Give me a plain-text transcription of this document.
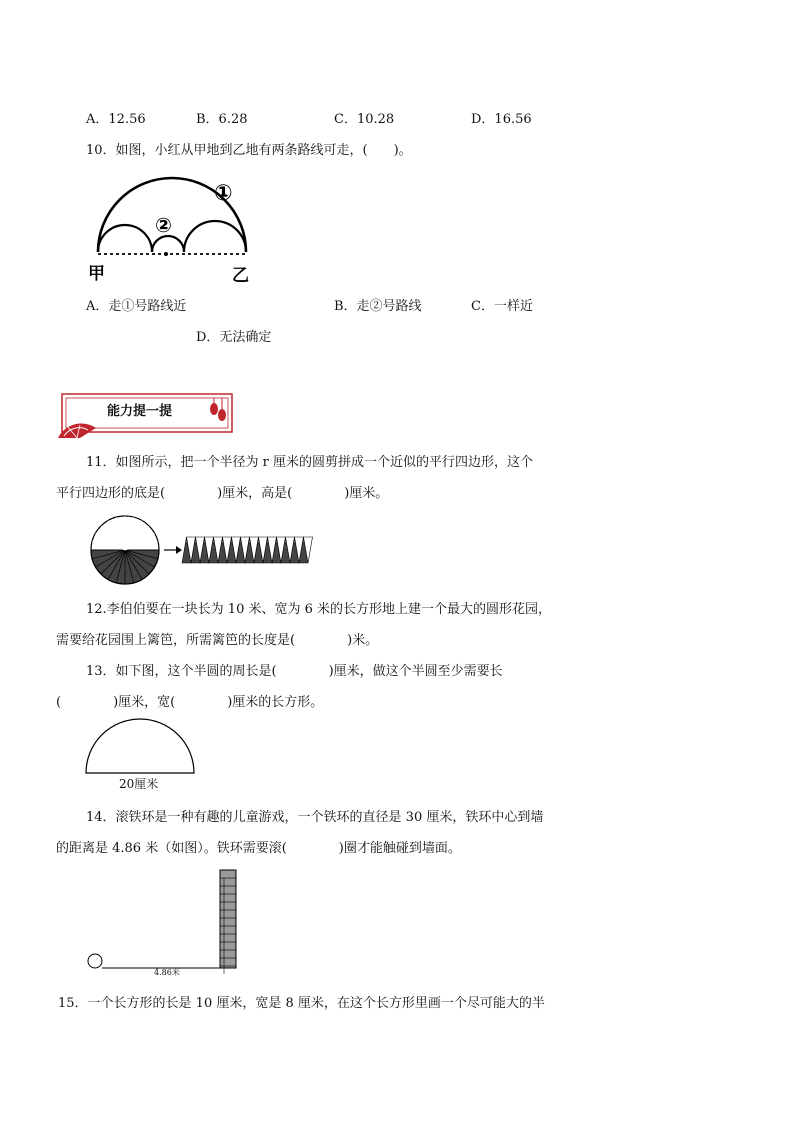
A．12.56	B．6.28	C．10.28	D．16.56
10．如图，小红从甲地到乙地有两条路线可走，(　　)。
①
②
甲	乙
A．走①号路线近	B．走②号路线	C．一样近
D．无法确定
能力提一提
11．如图所示，把一个半径为 r 厘米的圆剪拼成一个近似的平行四边形，这个
平行四边形的底是(　　　　)厘米，高是(　　　　)厘米。
12.李伯伯要在一块长为 10 米、宽为 6 米的长方形地上建一个最大的圆形花园，
需要给花园围上篱笆，所需篱笆的长度是(　　　　)米。
13．如下图，这个半圆的周长是(　　　　)厘米，做这个半圆至少需要长
(　　　　)厘米，宽(　　　　)厘米的长方形。
20厘米
14．滚铁环是一种有趣的儿童游戏，一个铁环的直径是 30 厘米，铁环中心到墙
的距离是 4.86 米（如图）。铁环需要滚(　　　　)圈才能触碰到墙面。
4.86米
15．一个长方形的长是 10 厘米，宽是 8 厘米，在这个长方形里画一个尽可能大的半
